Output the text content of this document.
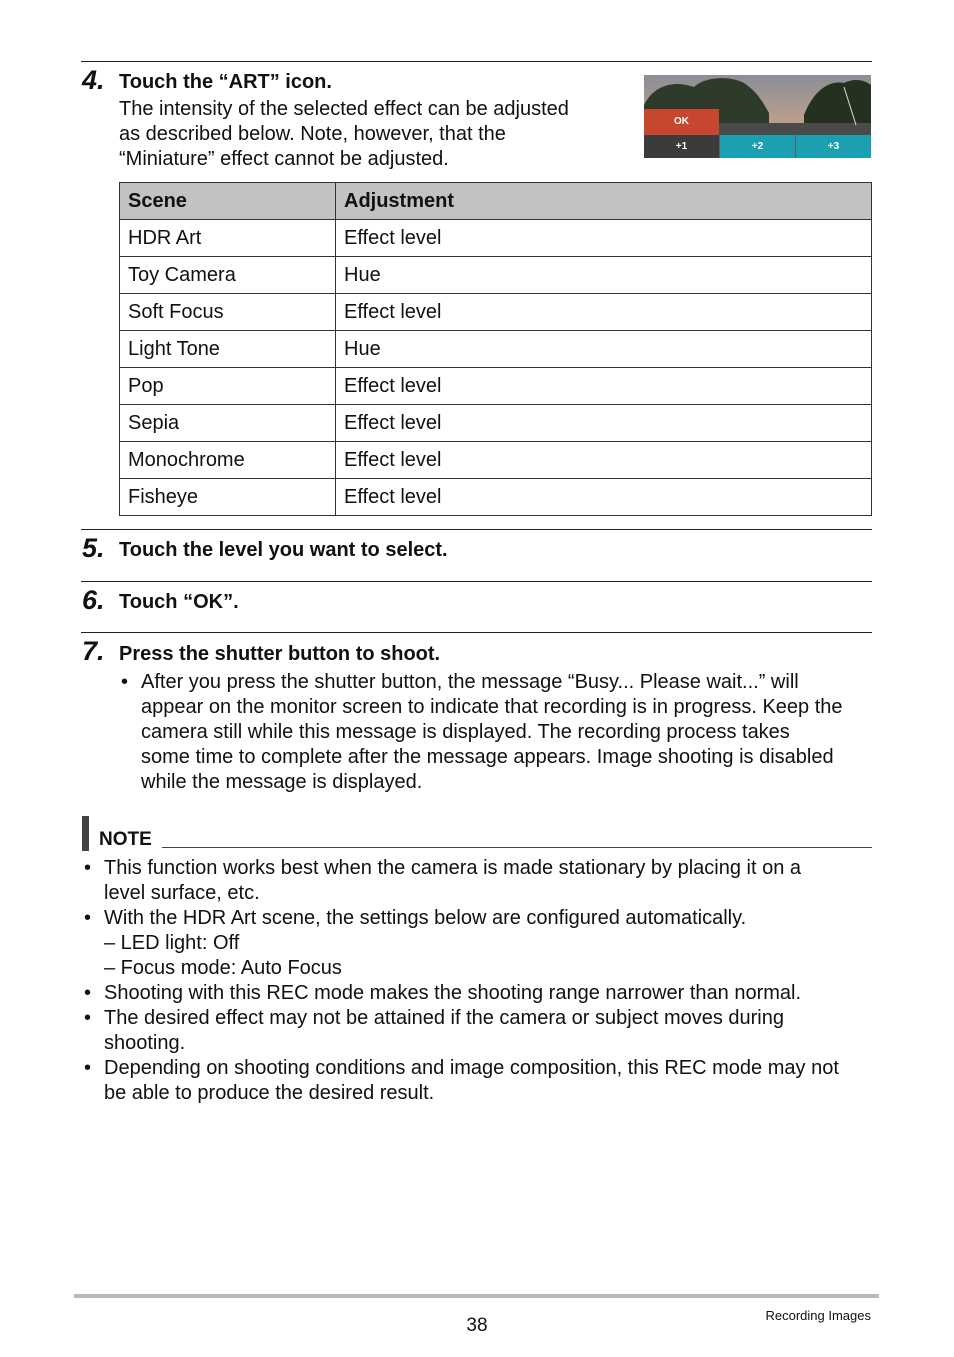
4. Touch the “ART” icon.
The intensity of the selected effect can be adjusted
as described below. Note, however, that the
“Miniature” effect cannot be adjusted.
OK
+1	+2	+3
Scene	Adjustment
HDR Art	Effect level
Toy Camera	Hue
Soft Focus	Effect level
Light Tone	Hue
Pop	Effect level
Sepia	Effect level
Monochrome	Effect level
Fisheye	Effect level
5. Touch the level you want to select.
6. Touch “OK”.
7. Press the shutter button to shoot.
• After you press the shutter button, the message “Busy... Please wait...” will
appear on the monitor screen to indicate that recording is in progress. Keep the
camera still while this message is displayed. The recording process takes
some time to complete after the message appears. Image shooting is disabled
while the message is displayed.
NOTE
• This function works best when the camera is made stationary by placing it on a
level surface, etc.
• With the HDR Art scene, the settings below are configured automatically.
– LED light: Off
– Focus mode: Auto Focus
• Shooting with this REC mode makes the shooting range narrower than normal.
• The desired effect may not be attained if the camera or subject moves during
shooting.
• Depending on shooting conditions and image composition, this REC mode may not
be able to produce the desired result.
38	Recording Images
